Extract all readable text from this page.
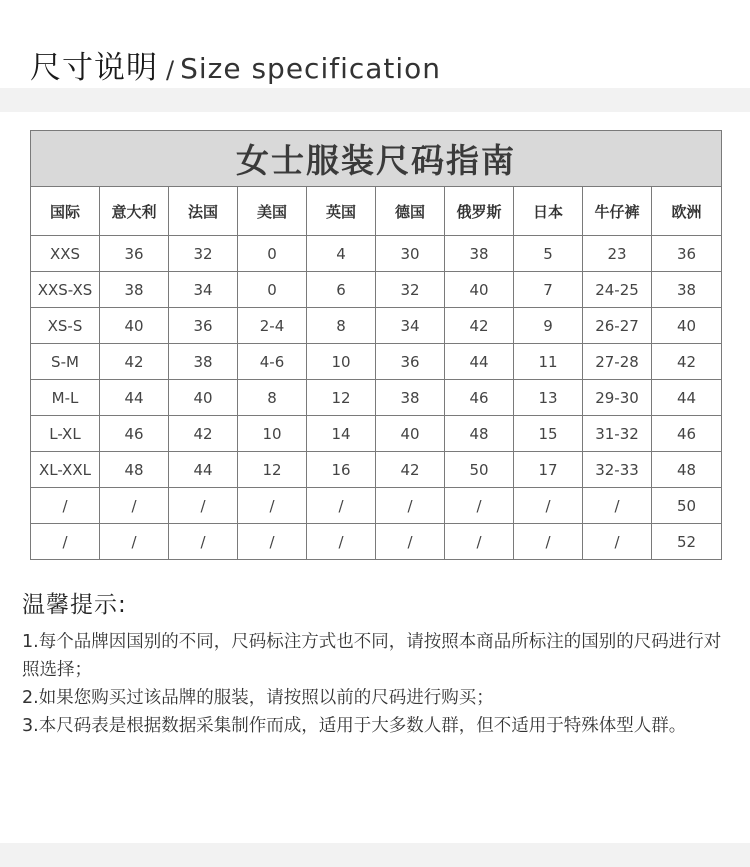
尺寸说明 / Size specification
女士服装尺码指南									
国际	意大利	法国	美国	英国	德国	俄罗斯	日本	牛仔裤	欧洲
XXS	36	32	0	4	30	38	5	23	36
XXS-XS	38	34	0	6	32	40	7	24-25	38
XS-S	40	36	2-4	8	34	42	9	26-27	40
S-M	42	38	4-6	10	36	44	11	27-28	42
M-L	44	40	8	12	38	46	13	29-30	44
L-XL	46	42	10	14	40	48	15	31-32	46
XL-XXL	48	44	12	16	42	50	17	32-33	48
/	/	/	/	/	/	/	/	/	50
/	/	/	/	/	/	/	/	/	52
温馨提示:

1.每个品牌因国别的不同，尺码标注方式也不同，请按照本商品所标注的国别的尺码进行对照选择；

2.如果您购买过该品牌的服装，请按照以前的尺码进行购买；

3.本尺码表是根据数据采集制作而成，适用于大多数人群，但不适用于特殊体型人群。
